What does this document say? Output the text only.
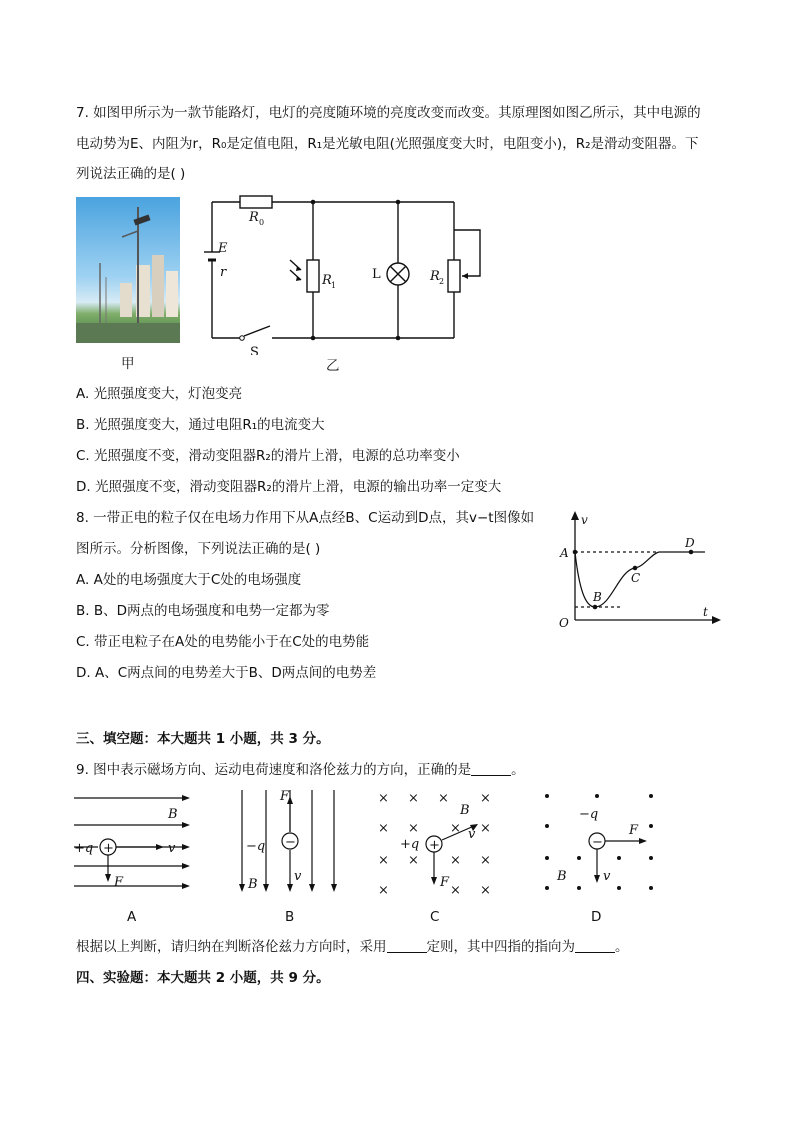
7. 如图甲所示为一款节能路灯，电灯的亮度随环境的亮度改变而改变。其原理图如图乙所示，其中电源的
电动势为E、内阻为r，R₀是定值电阻，R₁是光敏电阻(光照强度变大时，电阻变小)，R₂是滑动变阻器。下
列说法正确的是( )
甲	乙
R 0
E
r
R 1
L	R 2
S
A. 光照强度变大，灯泡变亮
B. 光照强度变大，通过电阻R₁的电流变大
C. 光照强度不变，滑动变阻器R₂的滑片上滑，电源的总功率变小
D. 光照强度不变，滑动变阻器R₂的滑片上滑，电源的输出功率一定变大
8. 一带正电的粒子仅在电场力作用下从A点经B、C运动到D点，其v−t图像如
图所示。分析图像，下列说法正确的是( )
A. A处的电场强度大于C处的电场强度
B. B、D两点的电场强度和电势一定都为零
C. 带正电粒子在A处的电势能小于在C处的电势能
D. A、C两点间的电势差大于B、D两点间的电势差
v
t
O
A
B
C
D
三、填空题：本大题共 1 小题，共 3 分。
9. 图中表示磁场方向、运动电荷速度和洛伦兹力的方向，正确的是	。
+
B
+q	v
F
A
−
F
−q
B
v
B
× × × ×
× × × ×
× × × ×
×	× ×
+
B
+q
v
F
C
−
−q
F
B	v
D
根据以上判断，请归纳在判断洛伦兹力方向时，采用	定则，其中四指的指向为	。
四、实验题：本大题共 2 小题，共 9 分。
